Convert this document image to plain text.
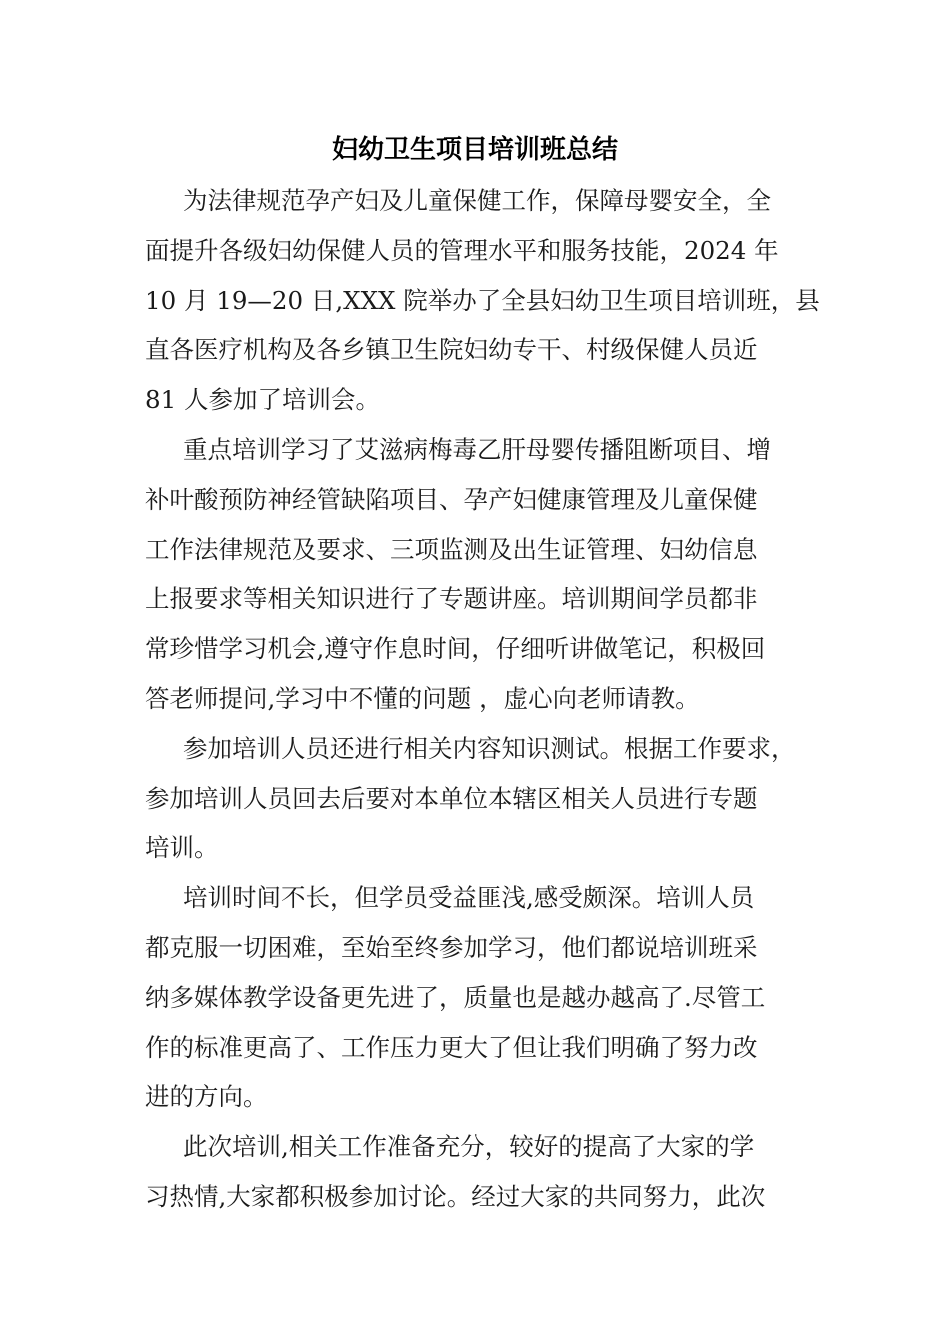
妇幼卫生项目培训班总结
为法律规范孕产妇及儿童保健工作，保障母婴安全，全
面提升各级妇幼保健人员的管理水平和服务技能，2024 年
10 月 19—20 日,XXX 院举办了全县妇幼卫生项目培训班，县
直各医疗机构及各乡镇卫生院妇幼专干、村级保健人员近
81 人参加了培训会。
重点培训学习了艾滋病梅毒乙肝母婴传播阻断项目、增
补叶酸预防神经管缺陷项目、孕产妇健康管理及儿童保健
工作法律规范及要求、三项监测及出生证管理、妇幼信息
上报要求等相关知识进行了专题讲座。培训期间学员都非
常珍惜学习机会,遵守作息时间，仔细听讲做笔记，积极回
答老师提问,学习中不懂的问题 ，虚心向老师请教。
参加培训人员还进行相关内容知识测试。根据工作要求，
参加培训人员回去后要对本单位本辖区相关人员进行专题
培训。
培训时间不长，但学员受益匪浅,感受颇深。培训人员
都克服一切困难，至始至终参加学习，他们都说培训班采
纳多媒体教学设备更先进了，质量也是越办越高了.尽管工
作的标准更高了、工作压力更大了但让我们明确了努力改
进的方向。
此次培训,相关工作准备充分，较好的提高了大家的学
习热情,大家都积极参加讨论。经过大家的共同努力，此次
